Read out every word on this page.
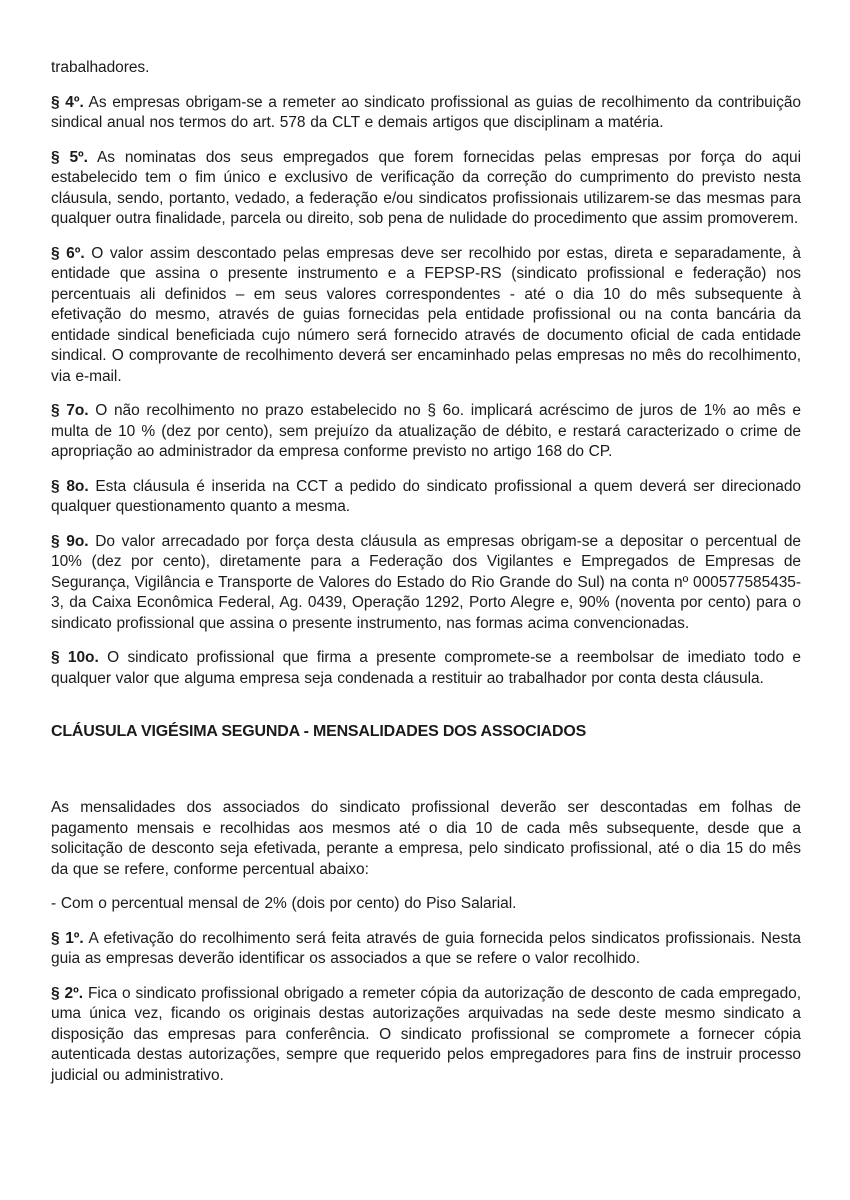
trabalhadores.

§ 4º. As empresas obrigam-se a remeter ao sindicato profissional as guias de recolhimento da contribuição sindical anual nos termos do art. 578 da CLT e demais artigos que disciplinam a matéria.

§ 5º. As nominatas dos seus empregados que forem fornecidas pelas empresas por força do aqui estabelecido tem o fim único e exclusivo de verificação da correção do cumprimento do previsto nesta cláusula, sendo, portanto, vedado, a federação e/ou sindicatos profissionais utilizarem-se das mesmas para qualquer outra finalidade, parcela ou direito, sob pena de nulidade do procedimento que assim promoverem.

§ 6º. O valor assim descontado pelas empresas deve ser recolhido por estas, direta e separadamente, à entidade que assina o presente instrumento e a FEPSP-RS (sindicato profissional e federação) nos percentuais ali definidos – em seus valores correspondentes - até o dia 10 do mês subsequente à efetivação do mesmo, através de guias fornecidas pela entidade profissional ou na conta bancária da entidade sindical beneficiada cujo número será fornecido através de documento oficial de cada entidade sindical. O comprovante de recolhimento deverá ser encaminhado pelas empresas no mês do recolhimento, via e-mail.

§ 7o. O não recolhimento no prazo estabelecido no § 6o. implicará acréscimo de juros de 1% ao mês e multa de 10 % (dez por cento), sem prejuízo da atualização de débito, e restará caracterizado o crime de apropriação ao administrador da empresa conforme previsto no artigo 168 do CP.

§ 8o. Esta cláusula é inserida na CCT a pedido do sindicato profissional a quem deverá ser direcionado qualquer questionamento quanto a mesma.

§ 9o. Do valor arrecadado por força desta cláusula as empresas obrigam-se a depositar o percentual de 10% (dez por cento), diretamente para a Federação dos Vigilantes e Empregados de Empresas de Segurança, Vigilância e Transporte de Valores do Estado do Rio Grande do Sul) na conta nº 000577585435-3, da Caixa Econômica Federal, Ag. 0439, Operação 1292, Porto Alegre e, 90% (noventa por cento) para o sindicato profissional que assina o presente instrumento, nas formas acima convencionadas.

§ 10o. O sindicato profissional que firma a presente compromete-se a reembolsar de imediato todo e qualquer valor que alguma empresa seja condenada a restituir ao trabalhador por conta desta cláusula.

CLÁUSULA VIGÉSIMA SEGUNDA - MENSALIDADES DOS ASSOCIADOS

As mensalidades dos associados do sindicato profissional deverão ser descontadas em folhas de pagamento mensais e recolhidas aos mesmos até o dia 10 de cada mês subsequente, desde que a solicitação de desconto seja efetivada, perante a empresa, pelo sindicato profissional, até o dia 15 do mês da que se refere, conforme percentual abaixo:

- Com o percentual mensal de 2% (dois por cento) do Piso Salarial.

§ 1º. A efetivação do recolhimento será feita através de guia fornecida pelos sindicatos profissionais. Nesta guia as empresas deverão identificar os associados a que se refere o valor recolhido.

§ 2º. Fica o sindicato profissional obrigado a remeter cópia da autorização de desconto de cada empregado, uma única vez, ficando os originais destas autorizações arquivadas na sede deste mesmo sindicato a disposição das empresas para conferência. O sindicato profissional se compromete a fornecer cópia autenticada destas autorizações, sempre que requerido pelos empregadores para fins de instruir processo judicial ou administrativo.
